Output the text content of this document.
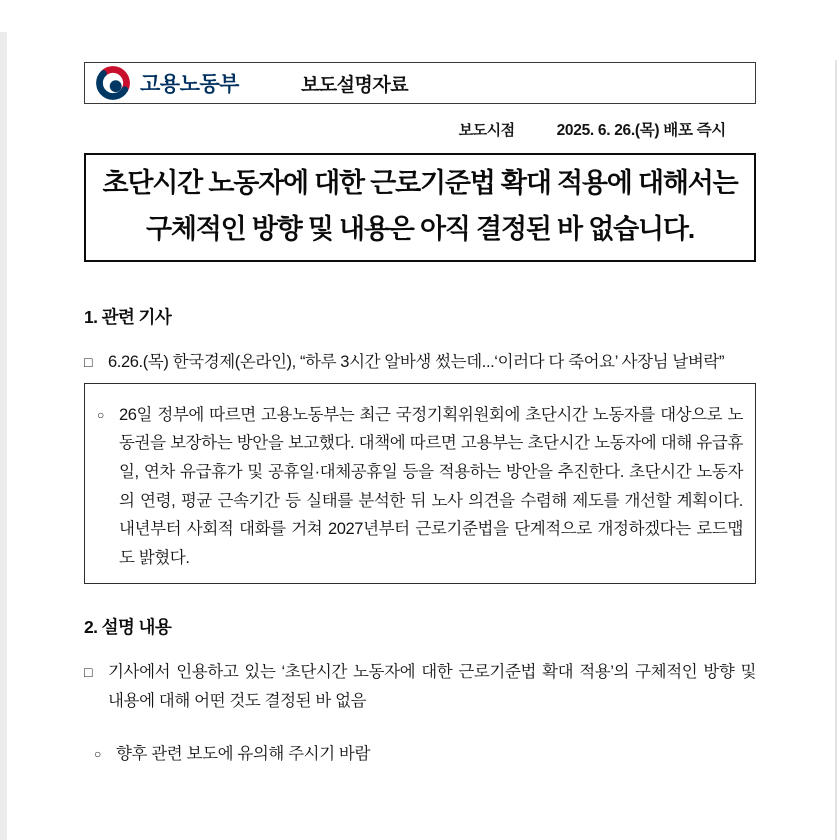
고용노동부	보도설명자료
보도시점	2025. 6. 26.(목) 배포 즉시
초단시간 노동자에 대한 근로기준법 확대 적용에 대해서는 구체적인 방향 및 내용은 아직 결정된 바 없습니다.
1. 관련 기사
□ 6.26.(목) 한국경제(온라인), “하루 3시간 알바생 썼는데...‘이러다 다 죽어요’ 사장님 날벼락”

○ 26일 정부에 따르면 고용노동부는 최근 국정기획위원회에 초단시간 노동자를 대상으로 노동권을 보장하는 방안을 보고했다. 대책에 따르면 고용부는 초단시간 노동자에 대해 유급휴일, 연차 유급휴가 및 공휴일·대체공휴일 등을 적용하는 방안을 추진한다. 초단시간 노동자의 연령, 평균 근속기간 등 실태를 분석한 뒤 노사 의견을 수렴해 제도를 개선할 계획이다. 내년부터 사회적 대화를 거쳐 2027년부터 근로기준법을 단계적으로 개정하겠다는 로드맵도 밝혔다.

2. 설명 내용
□ 기사에서 인용하고 있는 ‘초단시간 노동자에 대한 근로기준법 확대 적용’의 구체적인 방향 및 내용에 대해 어떤 것도 결정된 바 없음

○ 향후 관련 보도에 유의해 주시기 바람
